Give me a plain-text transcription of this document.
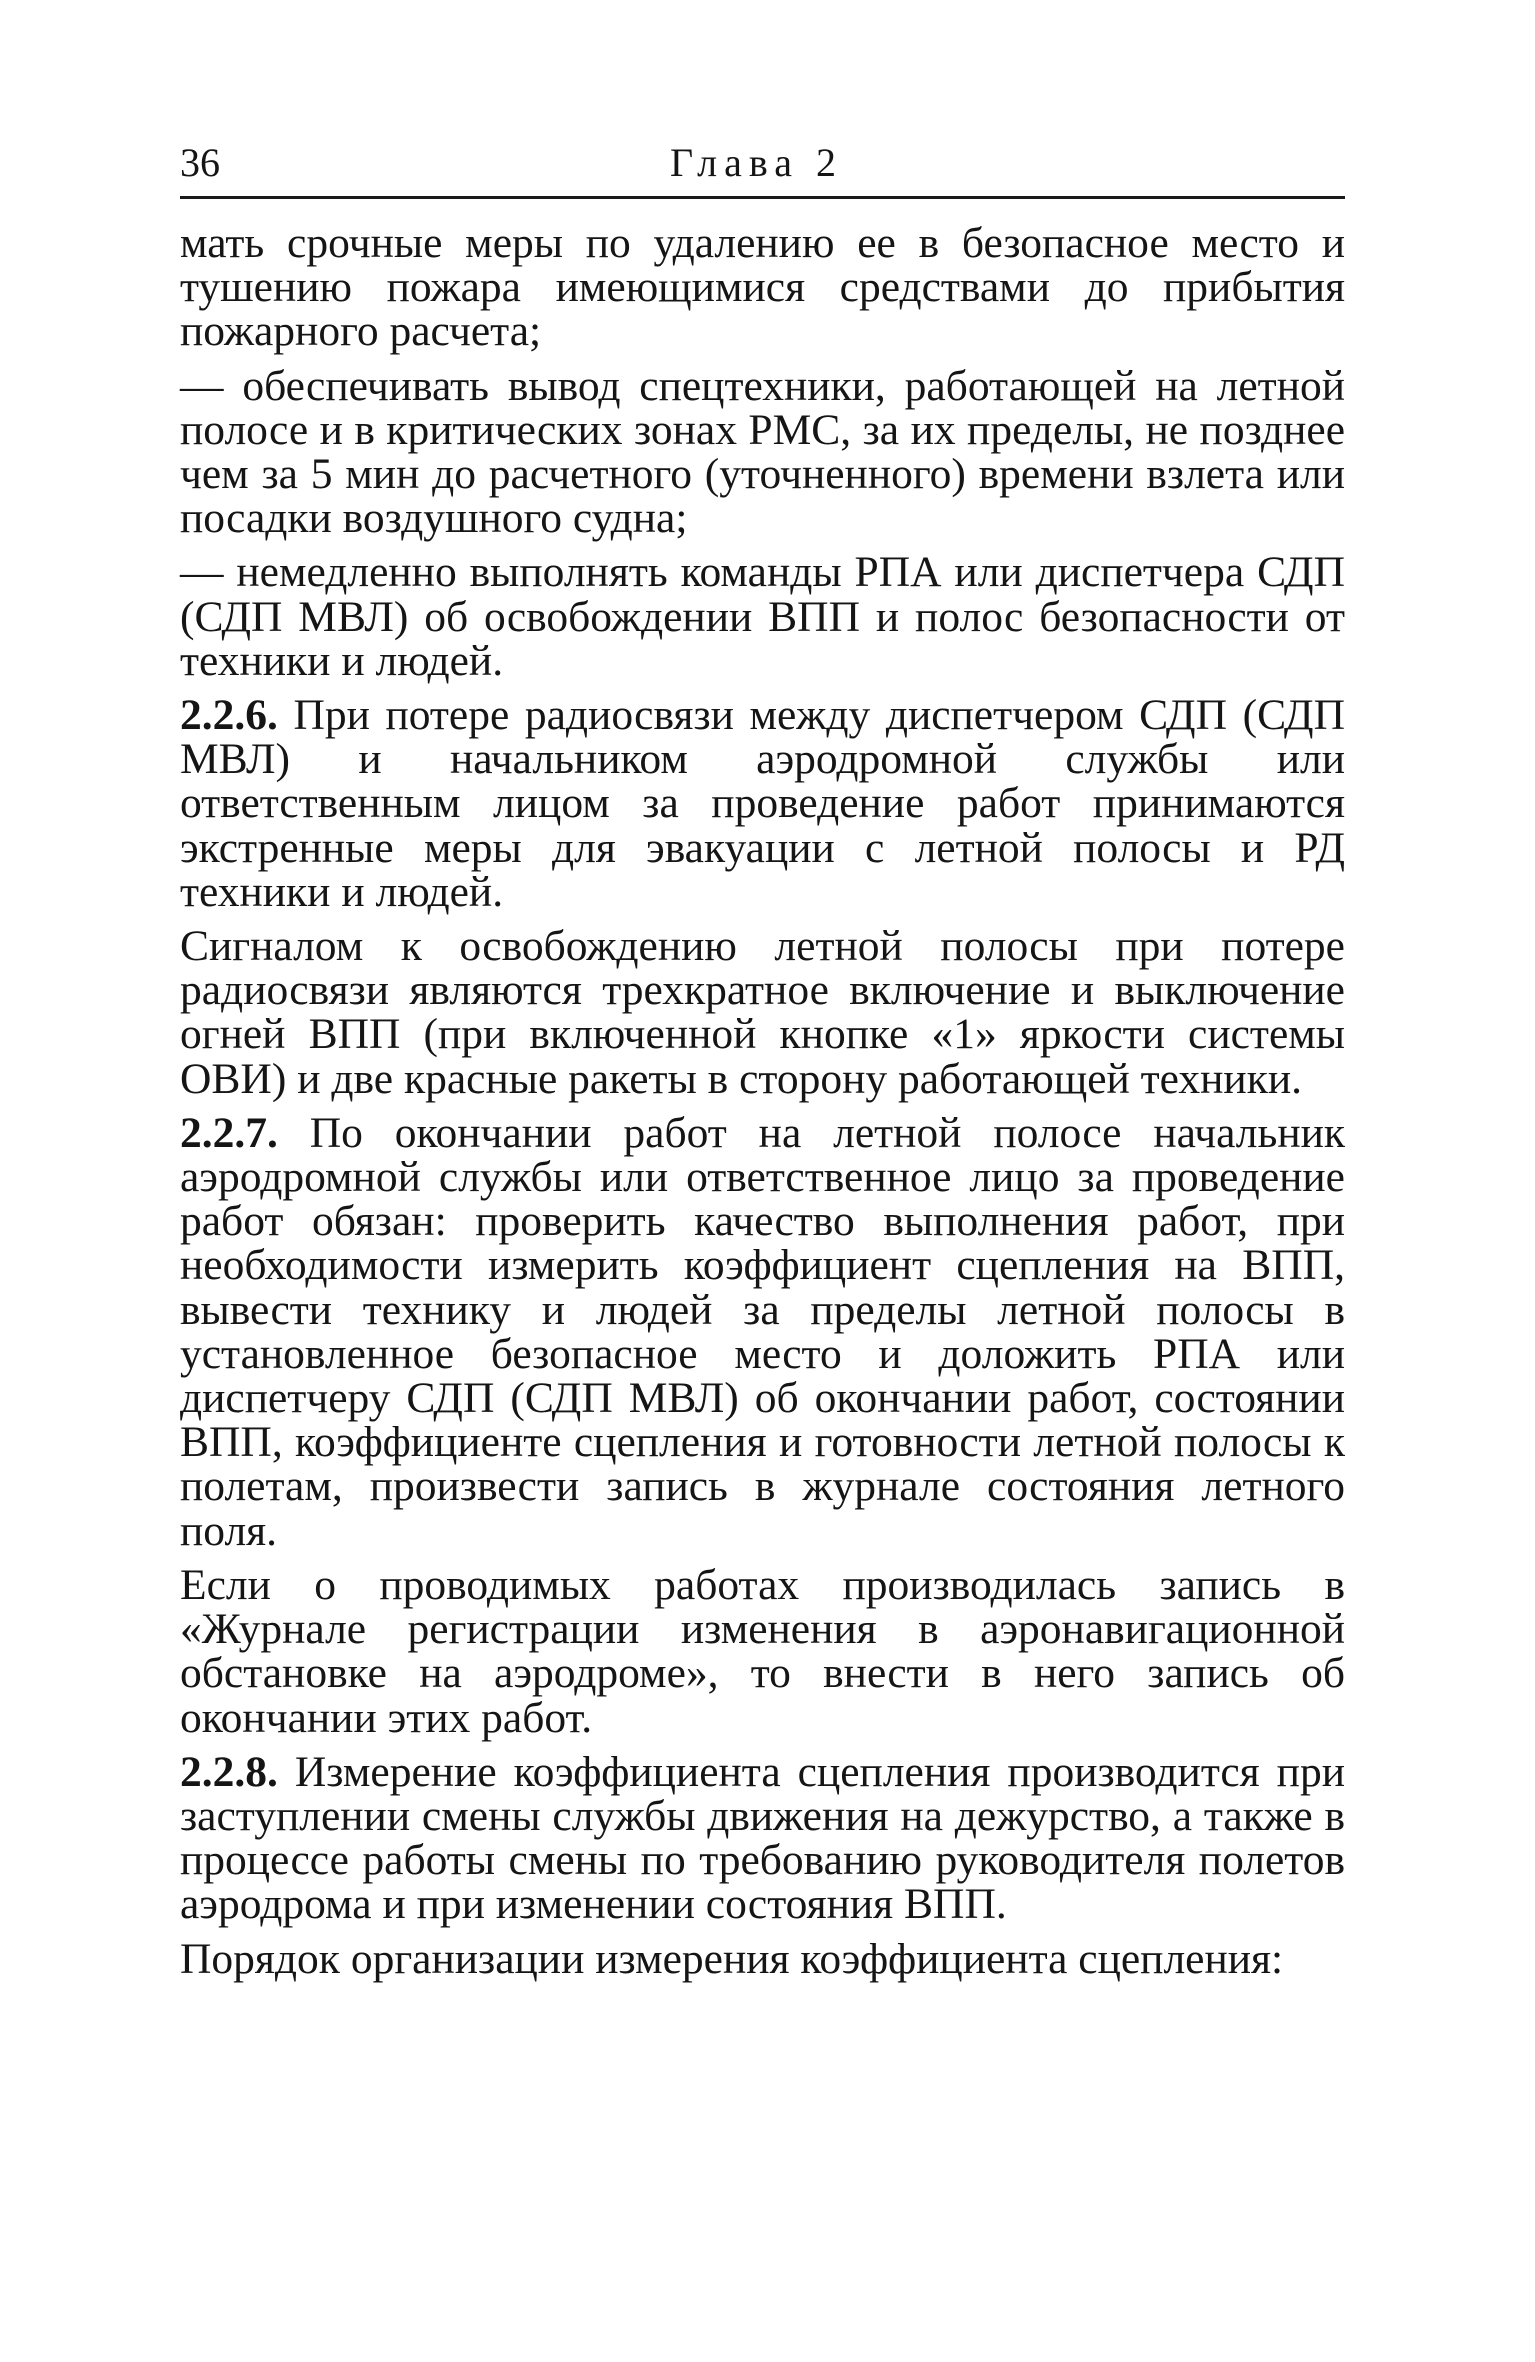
36	Глава 2

мать срочные меры по удалению ее в безопасное место и тушению пожара имеющимися средствами до прибытия пожарного расчета;

— обеспечивать вывод спецтехники, работающей на летной полосе и в критических зонах РМС, за их пределы, не позднее чем за 5 мин до расчетного (уточненного) времени взлета или посадки воздушного судна;

— немедленно выполнять команды РПА или диспетчера СДП (СДП МВЛ) об освобождении ВПП и полос безопасности от техники и людей.

2.2.6. При потере радиосвязи между диспетчером СДП (СДП МВЛ) и начальником аэродромной службы или ответственным лицом за проведение работ принимаются экстренные меры для эвакуации с летной полосы и РД техники и людей.

Сигналом к освобождению летной полосы при потере радиосвязи являются трехкратное включение и выключение огней ВПП (при включенной кнопке «1» яркости системы ОВИ) и две красные ракеты в сторону работающей техники.

2.2.7. По окончании работ на летной полосе начальник аэродромной службы или ответственное лицо за проведение работ обязан: проверить качество выполнения работ, при необходимости измерить коэффициент сцепления на ВПП, вывести технику и людей за пределы летной полосы в установленное безопасное место и доложить РПА или диспетчеру СДП (СДП МВЛ) об окончании работ, состоянии ВПП, коэффициенте сцепления и готовности летной полосы к полетам, произвести запись в журнале состояния летного поля.

Если о проводимых работах производилась запись в «Журнале регистрации изменения в аэронавигационной обстановке на аэродроме», то внести в него запись об окончании этих работ.

2.2.8. Измерение коэффициента сцепления производится при заступлении смены службы движения на дежурство, а также в процессе работы смены по требованию руководителя полетов аэродрома и при изменении состояния ВПП.

Порядок организации измерения коэффициента сцепления:
